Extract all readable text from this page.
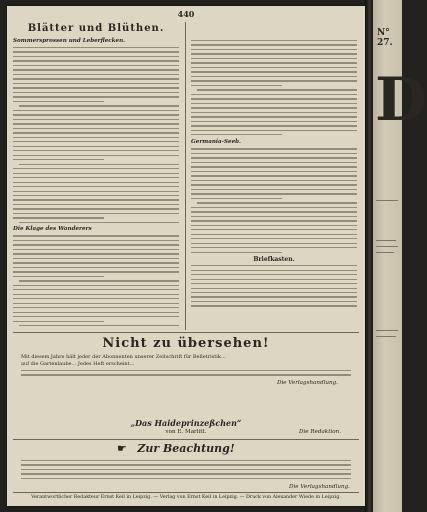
440
Blätter und Blüthen.
Sommersprossen und Leberflecken.
Die Klage des Wanderers
Germania-Seeb.
Briefkasten.
Nicht zu übersehen!
Mit diesem Jahre hält jeder der Abonnenten unserer Zeitschrift für Belletristik...
auf die Gartenlaube... Jedes Heft erscheint...
Die Verlagshandlung.
„Das Haideprinzeßchen“
von E. Marlitt.	Die Redaktion.
☛ Zur Beachtung!
Die Verlagshandlung.
Verantwortlicher Redakteur Ernst Keil in Leipzig. — Verlag von Ernst Keil in Leipzig. — Druck von Alexander Wiede in Leipzig.
N° 27.
D
